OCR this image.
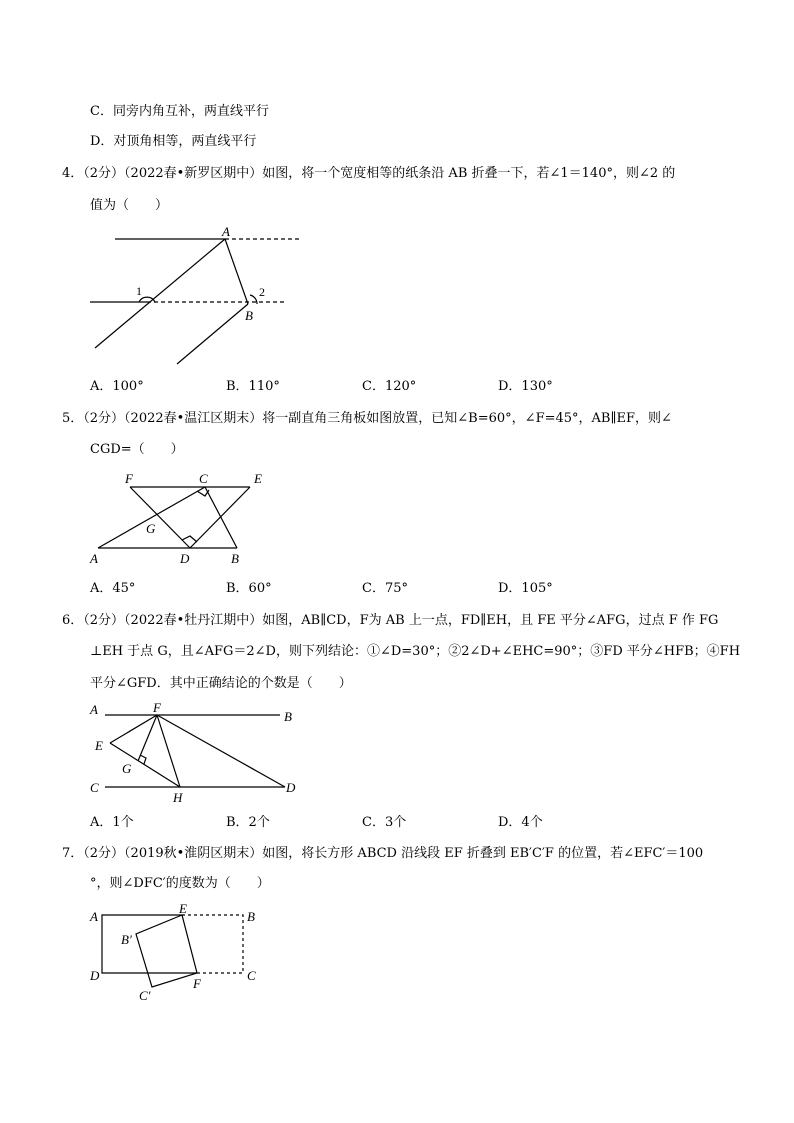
C．同旁内角互补，两直线平行
D．对顶角相等，两直线平行
4．（2分）（2022春•新罗区期中）如图，将一个宽度相等的纸条沿 AB 折叠一下，若∠1＝140°，则∠2 的
值为（　　）
A
B
1	2
A．100°	B．110°	C．120°	D．130°
5．（2分）（2022春•温江区期末）将一副直角三角板如图放置，已知∠B=60°，∠F=45°，AB∥EF，则∠
CGD=（　　）
F	C	E
G
A	D	B
A．45°	B．60°	C．75°	D．105°
6．（2分）（2022春•牡丹江期中）如图，AB∥CD，F为 AB 上一点，FD∥EH，且 FE 平分∠AFG，过点 F 作 FG
⊥EH 于点 G，且∠AFG＝2∠D，则下列结论：①∠D=30°；②2∠D+∠EHC=90°；③FD 平分∠HFB；④FH
平分∠GFD．其中正确结论的个数是（　　）
A	F
B
E
G
C
H
D
A．1个	B．2个	C．3个	D．4个
7．（2分）（2019秋•淮阴区期末）如图，将长方形 ABCD 沿线段 EF 折叠到 EB′C′F 的位置，若∠EFC′＝100
°，则∠DFC′的度数为（　　）
A
E
B
B′
D	C
C′
F
